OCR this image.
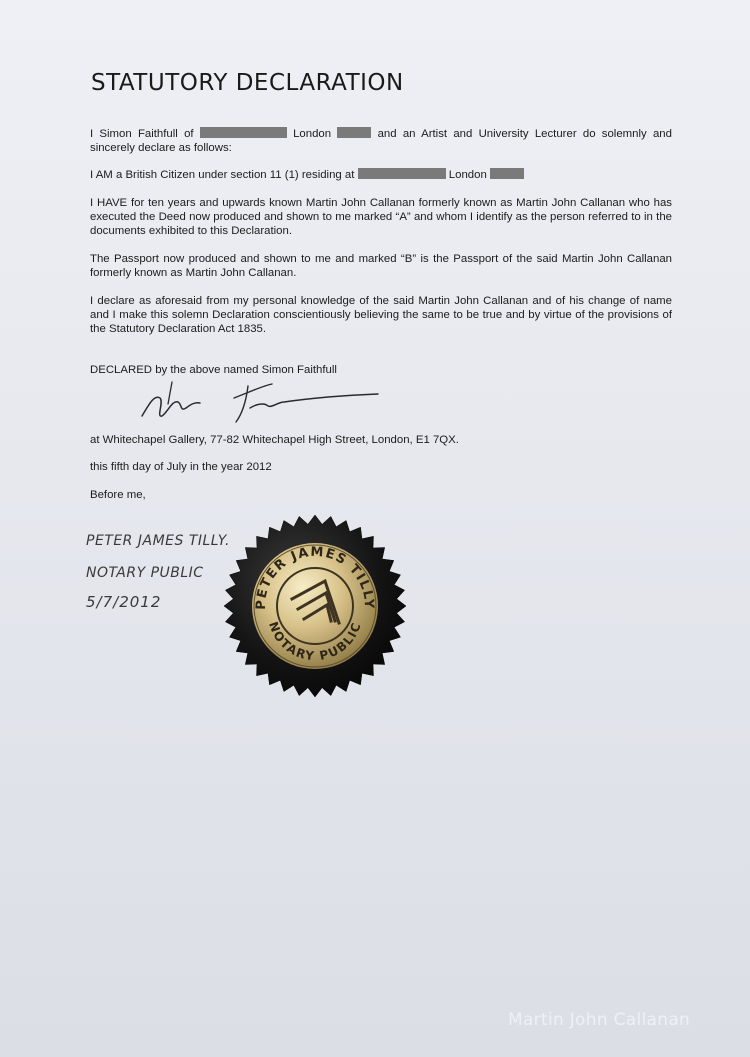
STATUTORY DECLARATION

I Simon Faithfull of	London	and an Artist and University Lecturer do solemnly and sincerely declare as follows:

I AM a British Citizen under section 11 (1) residing at	London

I HAVE for ten years and upwards known Martin John Callanan formerly known as Martin John Callanan who has executed the Deed now produced and shown to me marked “A” and whom I identify as the person referred to in the documents exhibited to this Declaration.

The Passport now produced and shown to me and marked “B” is the Passport of the said Martin John Callanan formerly known as Martin John Callanan.

I declare as aforesaid from my personal knowledge of the said Martin John Callanan and of his change of name and I make this solemn Declaration conscientiously believing the same to be true and by virtue of the provisions of the Statutory Declaration Act 1835.

DECLARED by the above named Simon Faithfull

at Whitechapel Gallery, 77-82 Whitechapel High Street, London, E1 7QX.

this fifth day of July in the year 2012

Before me,

PETER JAMES TILLY.
NOTARY PUBLIC
5/7/2012	PETER JAMES TILLY
NOTARY PUBLIC
Martin John Callanan
